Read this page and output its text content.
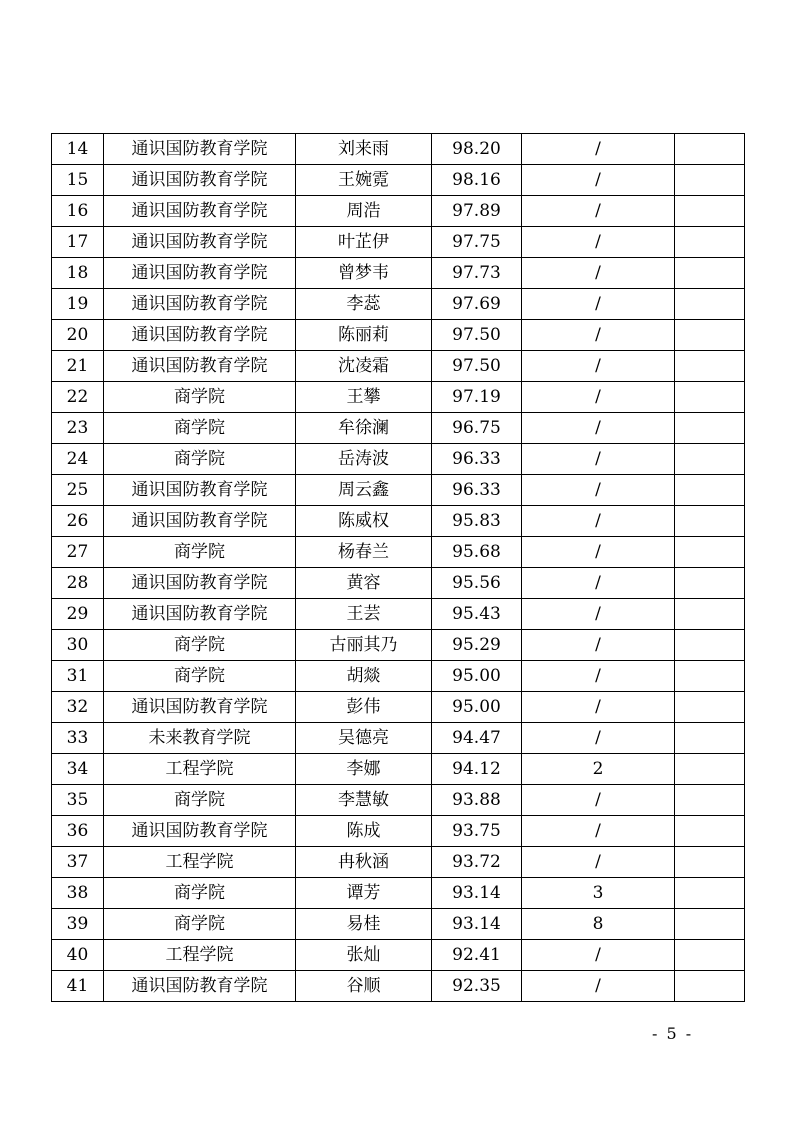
14	通识国防教育学院	刘来雨	98.20	/	
15	通识国防教育学院	王婉霓	98.16	/	
16	通识国防教育学院	周浩	97.89	/	
17	通识国防教育学院	叶芷伊	97.75	/	
18	通识国防教育学院	曾梦韦	97.73	/	
19	通识国防教育学院	李蕊	97.69	/	
20	通识国防教育学院	陈丽莉	97.50	/	
21	通识国防教育学院	沈凌霜	97.50	/	
22	商学院	王攀	97.19	/	
23	商学院	牟徐澜	96.75	/	
24	商学院	岳涛波	96.33	/	
25	通识国防教育学院	周云鑫	96.33	/	
26	通识国防教育学院	陈威权	95.83	/	
27	商学院	杨春兰	95.68	/	
28	通识国防教育学院	黄容	95.56	/	
29	通识国防教育学院	王芸	95.43	/	
30	商学院	古丽其乃	95.29	/	
31	商学院	胡燚	95.00	/	
32	通识国防教育学院	彭伟	95.00	/	
33	未来教育学院	吴德亮	94.47	/	
34	工程学院	李娜	94.12	2	
35	商学院	李慧敏	93.88	/	
36	通识国防教育学院	陈成	93.75	/	
37	工程学院	冉秋涵	93.72	/	
38	商学院	谭芳	93.14	3	
39	商学院	易桂	93.14	8	
40	工程学院	张灿	92.41	/	
41	通识国防教育学院	谷顺	92.35	/	
- 5 -
